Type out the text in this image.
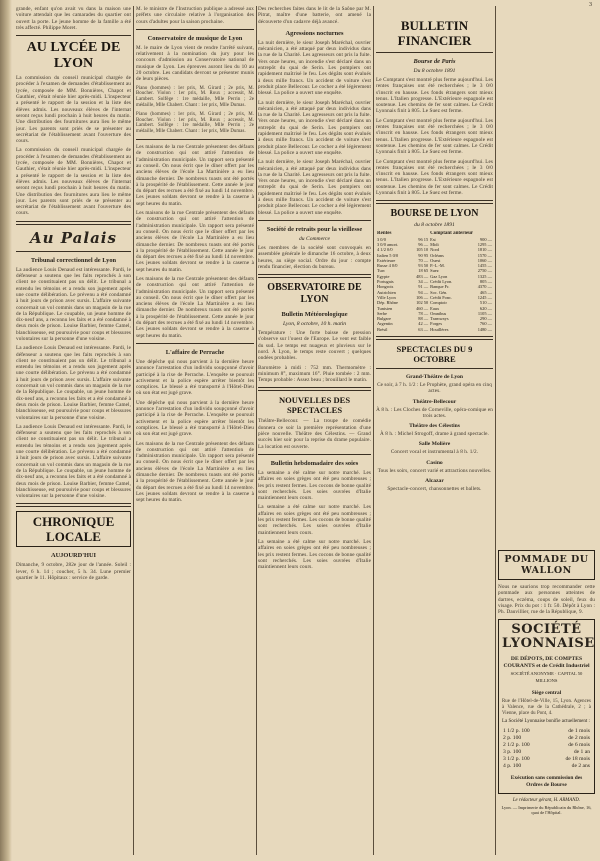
3

grande, enfant qu'on avait vu dans la maison une voiture attendait que les camarades du quartier ont ouvert la porte. Le jeune homme de la famille a été très affecté. Philippe Moret.

AU LYCÉE DE LYON

La commission du conseil municipal chargée de procéder à l'examen de demandes d'établissement au lycée, composée de MM. Bonnières, Chapot et Gauthier, s'était réunie hier après-midi. L'inspecteur a présenté le rapport de la session et la liste des élèves admis. Les nouveaux élèves de l'internat seront reçus lundi prochain à huit heures du matin. Une distribution des fournitures aura lieu le même jour. Les parents sont priés de se présenter au secrétariat de l'établissement avant l'ouverture des cours.

La commission du conseil municipal chargée de procéder à l'examen de demandes d'établissement au lycée, composée de MM. Bonnières, Chapot et Gauthier, s'était réunie hier après-midi. L'inspecteur a présenté le rapport de la session et la liste des élèves admis. Les nouveaux élèves de l'internat seront reçus lundi prochain à huit heures du matin. Une distribution des fournitures aura lieu le même jour. Les parents sont priés de se présenter au secrétariat de l'établissement avant l'ouverture des cours.

Au Palais
Tribunal correctionnel de Lyon

La audience Louis Denaud est intéressante. Pardi, le défenseur a soutenu que les faits reprochés à son client ne constituaient pas un délit. Le tribunal a entendu les témoins et a rendu son jugement après une courte délibération. Le prévenu a été condamné à huit jours de prison avec sursis. L'affaire suivante concernait un vol commis dans un magasin de la rue de la République. Le coupable, un jeune homme de dix-neuf ans, a reconnu les faits et a été condamné à deux mois de prison. Louise Barbier, femme Camel, blanchisseuse, est poursuivie pour coups et blessures volontaires sur la personne d'une voisine.

La audience Louis Denaud est intéressante. Pardi, le défenseur a soutenu que les faits reprochés à son client ne constituaient pas un délit. Le tribunal a entendu les témoins et a rendu son jugement après une courte délibération. Le prévenu a été condamné à huit jours de prison avec sursis. L'affaire suivante concernait un vol commis dans un magasin de la rue de la République. Le coupable, un jeune homme de dix-neuf ans, a reconnu les faits et a été condamné à deux mois de prison. Louise Barbier, femme Camel, blanchisseuse, est poursuivie pour coups et blessures volontaires sur la personne d'une voisine.

La audience Louis Denaud est intéressante. Pardi, le défenseur a soutenu que les faits reprochés à son client ne constituaient pas un délit. Le tribunal a entendu les témoins et a rendu son jugement après une courte délibération. Le prévenu a été condamné à huit jours de prison avec sursis. L'affaire suivante concernait un vol commis dans un magasin de la rue de la République. Le coupable, un jeune homme de dix-neuf ans, a reconnu les faits et a été condamné à deux mois de prison. Louise Barbier, femme Camel, blanchisseuse, est poursuivie pour coups et blessures volontaires sur la personne d'une voisine.

CHRONIQUE LOCALE
AUJOURD'HUI

Dimanche, 9 octobre, 282e jour de l'année. Soleil : lever, 6 h. 14 ; coucher, 5 h. 34. Lune premier quartier le 11. Hôpitaux : service de garde.

M. le ministre de l'Instruction publique a adressé aux préfets une circulaire relative à l'organisation des cours d'adultes pour la saison prochaine.

Conservatoire de musique de Lyon

M. le maire de Lyon vient de rendre l'arrêté suivant, relativement à la nomination du jury pour les concours d'admission au Conservatoire national de musique de Lyon. Les épreuves auront lieu du 10 au 20 octobre. Les candidats devront se présenter munis de leurs pièces.

Piano (hommes) : 1er prix, M. Girard ; 2e prix, M. Boucher. Violon : 1er prix, M. Roux ; accessit, M. Lambert. Solfège : 1re médaille, Mlle Perrin ; 2e médaille, Mlle Chabert. Chant : 1er prix, Mlle Dumas.

Piano (hommes) : 1er prix, M. Girard ; 2e prix, M. Boucher. Violon : 1er prix, M. Roux ; accessit, M. Lambert. Solfège : 1re médaille, Mlle Perrin ; 2e médaille, Mlle Chabert. Chant : 1er prix, Mlle Dumas.

Les maisons de la rue Centrale présentent des défauts de construction qui ont attiré l'attention de l'administration municipale. Un rapport sera présenté au conseil. On nous écrit que le dîner offert par les anciens élèves de l'école La Martinière a eu lieu dimanche dernier. De nombreux toasts ont été portés à la prospérité de l'établissement. Cette année le jour du départ des recrues a été fixé au lundi 14 novembre. Les jeunes soldats devront se rendre à la caserne à sept heures du matin.

Les maisons de la rue Centrale présentent des défauts de construction qui ont attiré l'attention de l'administration municipale. Un rapport sera présenté au conseil. On nous écrit que le dîner offert par les anciens élèves de l'école La Martinière a eu lieu dimanche dernier. De nombreux toasts ont été portés à la prospérité de l'établissement. Cette année le jour du départ des recrues a été fixé au lundi 14 novembre. Les jeunes soldats devront se rendre à la caserne à sept heures du matin.

Les maisons de la rue Centrale présentent des défauts de construction qui ont attiré l'attention de l'administration municipale. Un rapport sera présenté au conseil. On nous écrit que le dîner offert par les anciens élèves de l'école La Martinière a eu lieu dimanche dernier. De nombreux toasts ont été portés à la prospérité de l'établissement. Cette année le jour du départ des recrues a été fixé au lundi 14 novembre. Les jeunes soldats devront se rendre à la caserne à sept heures du matin.

L'affaire de Perrache

Une dépêche qui nous parvient à la dernière heure annonce l'arrestation d'un individu soupçonné d'avoir participé à la rixe de Perrache. L'enquête se poursuit activement et la police espère arrêter bientôt les complices. Le blessé a été transporté à l'Hôtel-Dieu où son état est jugé grave.

Une dépêche qui nous parvient à la dernière heure annonce l'arrestation d'un individu soupçonné d'avoir participé à la rixe de Perrache. L'enquête se poursuit activement et la police espère arrêter bientôt les complices. Le blessé a été transporté à l'Hôtel-Dieu où son état est jugé grave.

Les maisons de la rue Centrale présentent des défauts de construction qui ont attiré l'attention de l'administration municipale. Un rapport sera présenté au conseil. On nous écrit que le dîner offert par les anciens élèves de l'école La Martinière a eu lieu dimanche dernier. De nombreux toasts ont été portés à la prospérité de l'établissement. Cette année le jour du départ des recrues a été fixé au lundi 14 novembre. Les jeunes soldats devront se rendre à la caserne à sept heures du matin.

Des recherches faites dans le lit de la Saône par M. Pitrat, maître d'une batterie, ont amené la découverte d'un cadavre déjà avancé.

Agressions nocturnes

La nuit dernière, le sieur Joseph Maréchal, ouvrier mécanicien, a été attaqué par deux individus dans la rue de la Charité. Les agresseurs ont pris la fuite. Vers onze heures, un incendie s'est déclaré dans un entrepôt du quai de Serin. Les pompiers ont rapidement maîtrisé le feu. Les dégâts sont évalués à deux mille francs. Un accident de voiture s'est produit place Bellecour. Le cocher a été légèrement blessé. La police a ouvert une enquête.

La nuit dernière, le sieur Joseph Maréchal, ouvrier mécanicien, a été attaqué par deux individus dans la rue de la Charité. Les agresseurs ont pris la fuite. Vers onze heures, un incendie s'est déclaré dans un entrepôt du quai de Serin. Les pompiers ont rapidement maîtrisé le feu. Les dégâts sont évalués à deux mille francs. Un accident de voiture s'est produit place Bellecour. Le cocher a été légèrement blessé. La police a ouvert une enquête.

La nuit dernière, le sieur Joseph Maréchal, ouvrier mécanicien, a été attaqué par deux individus dans la rue de la Charité. Les agresseurs ont pris la fuite. Vers onze heures, un incendie s'est déclaré dans un entrepôt du quai de Serin. Les pompiers ont rapidement maîtrisé le feu. Les dégâts sont évalués à deux mille francs. Un accident de voiture s'est produit place Bellecour. Le cocher a été légèrement blessé. La police a ouvert une enquête.

Société de retraits pour la vieillesse
du Commerce

Les membres de la société sont convoqués en assemblée générale le dimanche 16 octobre, à deux heures, au siège social. Ordre du jour : compte rendu financier, élection du bureau.

OBSERVATOIRE DE LYON
Bulletin Météorologique
Lyon, 8 octobre, 10 h. matin

Température : Une forte baisse de pression s'observe sur l'ouest de l'Europe. Le vent est faible du sud. Le temps est nuageux et pluvieux sur le nord. À Lyon, le temps reste couvert ; quelques ondées probables.

Baromètre à midi : 752 mm. Thermomètre : minimum 8°, maximum 16°. Pluie tombée : 2 mm. Temps probable : Assez beau ; brouillard le matin.

NOUVELLES DES SPECTACLES

Théâtre-Bellecour. — La troupe de comédie donnera ce soir la première représentation d'une pièce nouvelle. Théâtre des Célestins. — Grand succès hier soir pour la reprise du drame populaire. La location est ouverte.

Bulletin hebdomadaire des soies

La semaine a été calme sur notre marché. Les affaires en soies grèges ont été peu nombreuses ; les prix restent fermes. Les cocons de bonne qualité sont recherchés. Les soies ouvrées d'Italie maintiennent leurs cours.

La semaine a été calme sur notre marché. Les affaires en soies grèges ont été peu nombreuses ; les prix restent fermes. Les cocons de bonne qualité sont recherchés. Les soies ouvrées d'Italie maintiennent leurs cours.

La semaine a été calme sur notre marché. Les affaires en soies grèges ont été peu nombreuses ; les prix restent fermes. Les cocons de bonne qualité sont recherchés. Les soies ouvrées d'Italie maintiennent leurs cours.

BULLETIN FINANCIER
Bourse de Paris
Du 8 octobre 1891

Le Comptant s'est montré plus ferme aujourd'hui. Les rentes françaises ont été recherchées ; le 3 0/0 s'inscrit en hausse. Les fonds étrangers sont mieux tenus. L'Italien progresse. L'Extérieure espagnole est soutenue. Les chemins de fer sont calmes. Le Crédit Lyonnais finit à 805. Le Suez est ferme.

Le Comptant s'est montré plus ferme aujourd'hui. Les rentes françaises ont été recherchées ; le 3 0/0 s'inscrit en hausse. Les fonds étrangers sont mieux tenus. L'Italien progresse. L'Extérieure espagnole est soutenue. Les chemins de fer sont calmes. Le Crédit Lyonnais finit à 805. Le Suez est ferme.

Le Comptant s'est montré plus ferme aujourd'hui. Les rentes françaises ont été recherchées ; le 3 0/0 s'inscrit en hausse. Les fonds étrangers sont mieux tenus. L'Italien progresse. L'Extérieure espagnole est soutenue. Les chemins de fer sont calmes. Le Crédit Lyonnais finit à 805. Le Suez est ferme.

BOURSE DE LYON
du 8 octobre 1891
Rentes		Comptant antérieur	
3 0/0	96 15	Est	900 —
3 0/0 amort.	96 —	Midi	1295 —
4 1/2 0/0	105 10	Nord	1810 —
Italien 5 0/0	90 95	Orléans	1570 —
Extérieure	70 —	Ouest	1060 —
Russe 4 0/0	93 50	P.-L.-M.	1455 —
Turc	18 65	Suez	2750 —
Egypte	483 —	Gaz Lyon	1325 —
Portugais	34 —	Crédit Lyon.	805 —
Hongrois	91 —	Banque Fr.	4370 —
Autrichien	94 —	Soc. Gén.	465 —
Ville Lyon	106 —	Crédit Fonc.	1245 —
Dép. Rhône	102 50	Comptoir	510 —
Tunisien	460 —	Eaux	620 —
Serbe	78 —	Omnibus	1105 —
Bulgare	88 —	Tramways	290 —
Argentin	42 —	Forges	760 —
Brésil	63 —	Houillères	1480 —
SPECTACLES DU 9 OCTOBRE
Grand-Théâtre de Lyon

Ce soir, à 7 h. 1/2 : Le Prophète, grand opéra en cinq actes.

Théâtre-Bellecour

À 8 h. : Les Cloches de Corneville, opéra-comique en trois actes.

Théâtre des Célestins

À 8 h. : Michel Strogoff, drame à grand spectacle.

Salle Molière

Concert vocal et instrumental à 8 h. 1/2.

Casino

Tous les soirs, concert varié et attractions nouvelles.

Alcazar

Spectacle-concert, chansonnettes et ballets.

POMMADE DU WALLON

Nous ne saurions trop recommander cette pommade aux personnes atteintes de dartres, eczéma, coups de soleil, feux du visage. Prix du pot : 1 fr. 50. Dépôt à Lyon : Ph. Dauvillier, rue de la République, 9.

SOCIÉTÉ LYONNAISE
DE DÉPOTS, DE COMPTES COURANTS et de Crédit Industriel
SOCIÉTÉ ANONYME · CAPITAL 50 MILLIONS
Siège central

Rue de l'Hôtel-de-Ville, 15, Lyon. Agences à Valence, rue de la Cathédrale, 2 ; à Vienne, place du Pont, 4.

La Société Lyonnaise bonifie actuellement :

1 1/2 p. 100	de 1 mois
2 p. 100	de 2 mois
2 1/2 p. 100	de 6 mois
3 p. 100	de 1 an
3 1/2 p. 100	de 18 mois
4 p. 100	de 2 ans
Exécution sans commission des Ordres de Bourse
Le rédacteur gérant, H. ARMAND.
Lyon. — Imprimerie du Républicain du Rhône, 16, quai de l'Hôpital.
